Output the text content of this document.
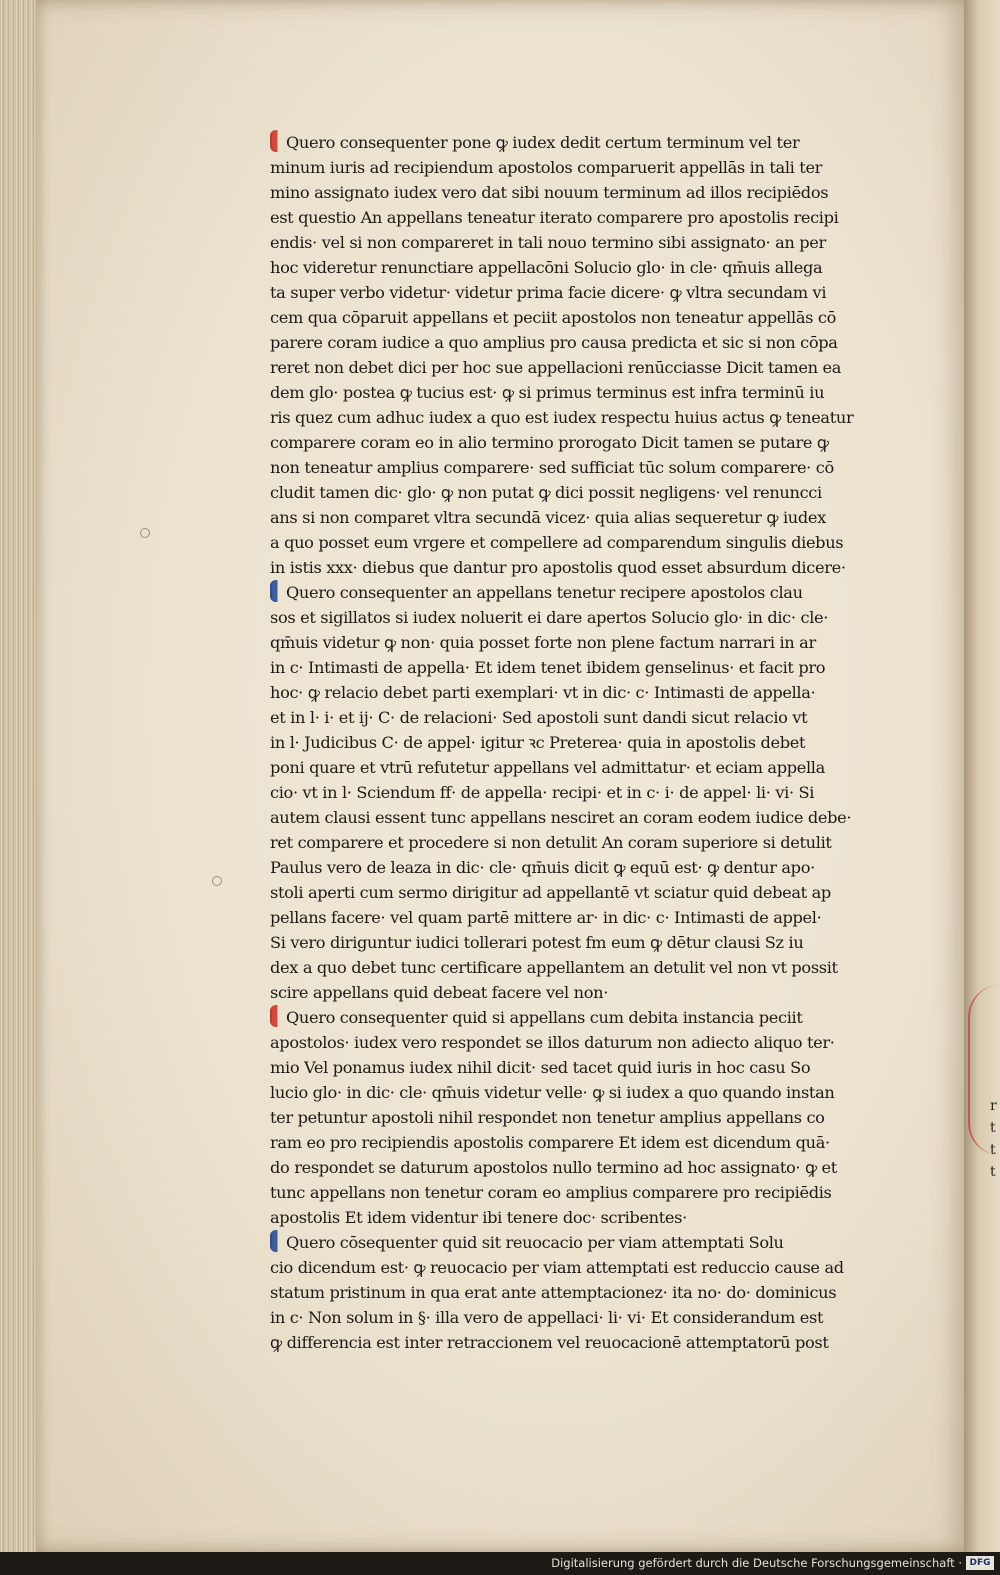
r
t
t
t
Quero consequenter pone ꝙ iudex dedit certum terminum vel ter
minum iuris ad recipiendum apostolos comparuerit appellās in tali ter
mino assignato iudex vero dat sibi nouum terminum ad illos recipiēdos
est questio An appellans teneatur iterato comparere pro apostolis recipi
endis· vel si non compareret in tali nouo termino sibi assignato· an per
hoc videretur renunctiare appellacōni Solucio glo· in cle· qm̄uis allega
ta super verbo videtur· videtur prima facie dicere· ꝙ vltra secundam vi
cem qua cōparuit appellans et peciit apostolos non teneatur appellās cō
parere coram iudice a quo amplius pro causa predicta et sic si non cōpa
reret non debet dici per hoc sue appellacioni renūcciasse Dicit tamen ea
dem glo· postea ꝙ tucius est· ꝙ si primus terminus est infra terminū iu
ris quez cum adhuc iudex a quo est iudex respectu huius actus ꝙ teneatur
comparere coram eo in alio termino prorogato Dicit tamen se putare ꝙ
non teneatur amplius comparere· sed sufficiat tūc solum comparere· cō
cludit tamen dic· glo· ꝙ non putat ꝙ dici possit negligens· vel renuncci
ans si non comparet vltra secundā vicez· quia alias sequeretur ꝙ iudex
a quo posset eum vrgere et compellere ad comparendum singulis diebus
in istis xxx· diebus que dantur pro apostolis quod esset absurdum dicere·
Quero consequenter an appellans tenetur recipere apostolos clau
sos et sigillatos si iudex noluerit ei dare apertos Solucio glo· in dic· cle·
qm̄uis videtur ꝙ non· quia posset forte non plene factum narrari in ar
in c· Intimasti de appella· Et idem tenet ibidem genselinus· et facit pro
hoc· ꝙ relacio debet parti exemplari· vt in dic· c· Intimasti de appella·
et in l· i· et ij· C· de relacioni· Sed apostoli sunt dandi sicut relacio vt
in l· Judicibus C· de appel· igitur ꝛc Preterea· quia in apostolis debet
poni quare et vtrū refutetur appellans vel admittatur· et eciam appella
cio· vt in l· Sciendum ff· de appella· recipi· et in c· i· de appel· li· vi· Si
autem clausi essent tunc appellans nesciret an coram eodem iudice debe·
ret comparere et procedere si non detulit An coram superiore si detulit
Paulus vero de leaza in dic· cle· qm̄uis dicit ꝙ equū est· ꝙ dentur apo·
stoli aperti cum sermo dirigitur ad appellantē vt sciatur quid debeat ap
pellans facere· vel quam partē mittere ar· in dic· c· Intimasti de appel·
Si vero diriguntur iudici tollerari potest fm eum ꝙ dētur clausi Sz iu
dex a quo debet tunc certificare appellantem an detulit vel non vt possit
scire appellans quid debeat facere vel non·
Quero consequenter quid si appellans cum debita instancia peciit
apostolos· iudex vero respondet se illos daturum non adiecto aliquo ter·
mio Vel ponamus iudex nihil dicit· sed tacet quid iuris in hoc casu So
lucio glo· in dic· cle· qm̄uis videtur velle· ꝙ si iudex a quo quando instan
ter petuntur apostoli nihil respondet non tenetur amplius appellans co
ram eo pro recipiendis apostolis comparere Et idem est dicendum quā·
do respondet se daturum apostolos nullo termino ad hoc assignato· ꝙ et
tunc appellans non tenetur coram eo amplius comparere pro recipiēdis
apostolis Et idem videntur ibi tenere doc· scribentes·
Quero cōsequenter quid sit reuocacio per viam attemptati Solu
cio dicendum est· ꝙ reuocacio per viam attemptati est reduccio cause ad
statum pristinum in qua erat ante attemptacionez· ita no· do· dominicus
in c· Non solum in §· illa vero de appellaci· li· vi· Et considerandum est
ꝙ differencia est inter retraccionem vel reuocacionē attemptatorū post
Digitalisierung gefördert durch die Deutsche Forschungsgemeinschaft · DFG
